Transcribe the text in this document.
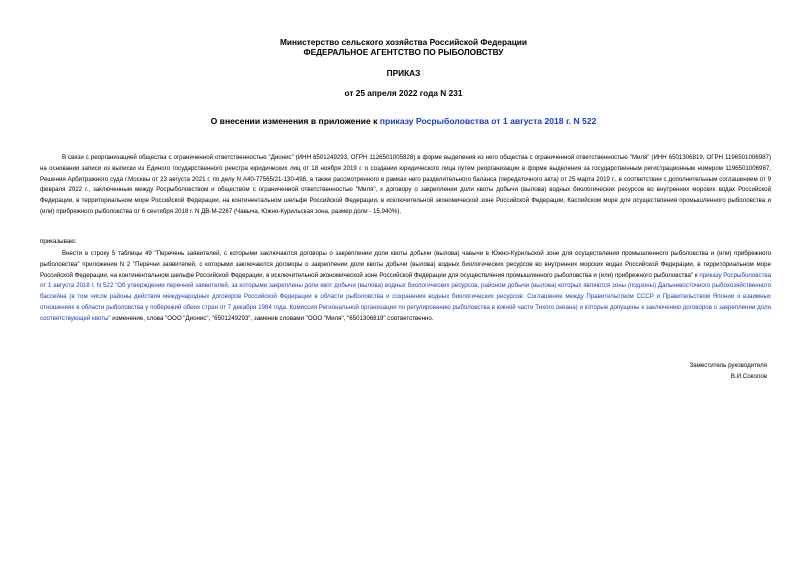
Министерство сельского хозяйства Российской Федерации
ФЕДЕРАЛЬНОЕ АГЕНТСТВО ПО РЫБОЛОВСТВУ
ПРИКАЗ
от 25 апреля 2022 года N 231
О внесении изменения в приложение к приказу Росрыболовства от 1 августа 2018 г. N 522
В связи с реорганизацией общества с ограниченной ответственностью "Дионис" (ИНН 6501249293, ОГРН 1126501005828) в форме выделения из него общества с ограниченной ответственностью "Миля" (ИНН 6501306819, ОГРН 1196501006987) на основании записи из выписки из Единого государственного реестра юридических лиц от 18 ноября 2019 г. о создании юридического лица путем реорганизации в форме выделения за государственным регистрационным номером 1196501006987, Решения Арбитражного суда г.Москвы от 23 августа 2021 г. по делу N А40-77565/21-130-498, а также рассмотренного в рамках него разделительного баланса (передаточного акта) от 25 марта 2019 г., в соответствии с дополнительным соглашением от 9 февраля 2022 г., заключенным между Росрыболовством и обществом с ограниченной ответственностью "Миля", к договору о закреплении доли квоты добычи (вылова) водных биологических ресурсов во внутренних морских водах Российской Федерации, в территориальном море Российской Федерации, на континентальном шельфе Российской Федерации, в исключительной экономической зоне Российской Федерации, Каспийском море для осуществления промышленного рыболовства и (или) прибрежного рыболовства от 6 сентября 2018 г. N ДВ-М-2267 (Чавыча, Южно-Курильская зона, размер доли - 15,940%),
приказываю:
Внести в строку 5 таблицы 49 "Перечень заявителей, с которыми заключаются договоры о закреплении доли квоты добычи (вылова) чавычи в Южно-Курильской зоне для осуществления промышленного рыболовства и (или) прибрежного рыболовства" приложения N 2 "Перечни заявителей, с которыми заключаются договоры о закреплении доли квоты добычи (вылова) водных биологических ресурсов во внутренних морских водах Российской Федерации, в территориальном море Российской Федерации, на континентальном шельфе Российской Федерации, в исключительной экономической зоне Российской Федерации для осуществления промышленного рыболовства и (или) прибрежного рыболовства" к приказу Росрыболовства от 1 августа 2018 г. N 522 "Об утверждении перечней заявителей, за которыми закреплены доли квот добычи (вылова) водных биологических ресурсов, районом добычи (вылова) которых являются зоны (подзоны) Дальневосточного рыбохозяйственного бассейна (в том числе районы действия международных договоров Российской Федерации в области рыболовства и сохранения водных биологических ресурсов: Соглашение между Правительством СССР и Правительством Японии о взаимных отношениях в области рыболовства у побережий обеих стран от 7 декабря 1984 года, Комиссия Региональной организации по регулированию рыболовства в южной части Тихого океана) и которые допущены к заключению договоров о закреплении доли соответствующей квоты" изменение, слова "ООО "Дионис", "6501249293", заменив словами "ООО "Миля", "6501306819" соответственно.
Заместитель руководителя
В.И.Соколов
